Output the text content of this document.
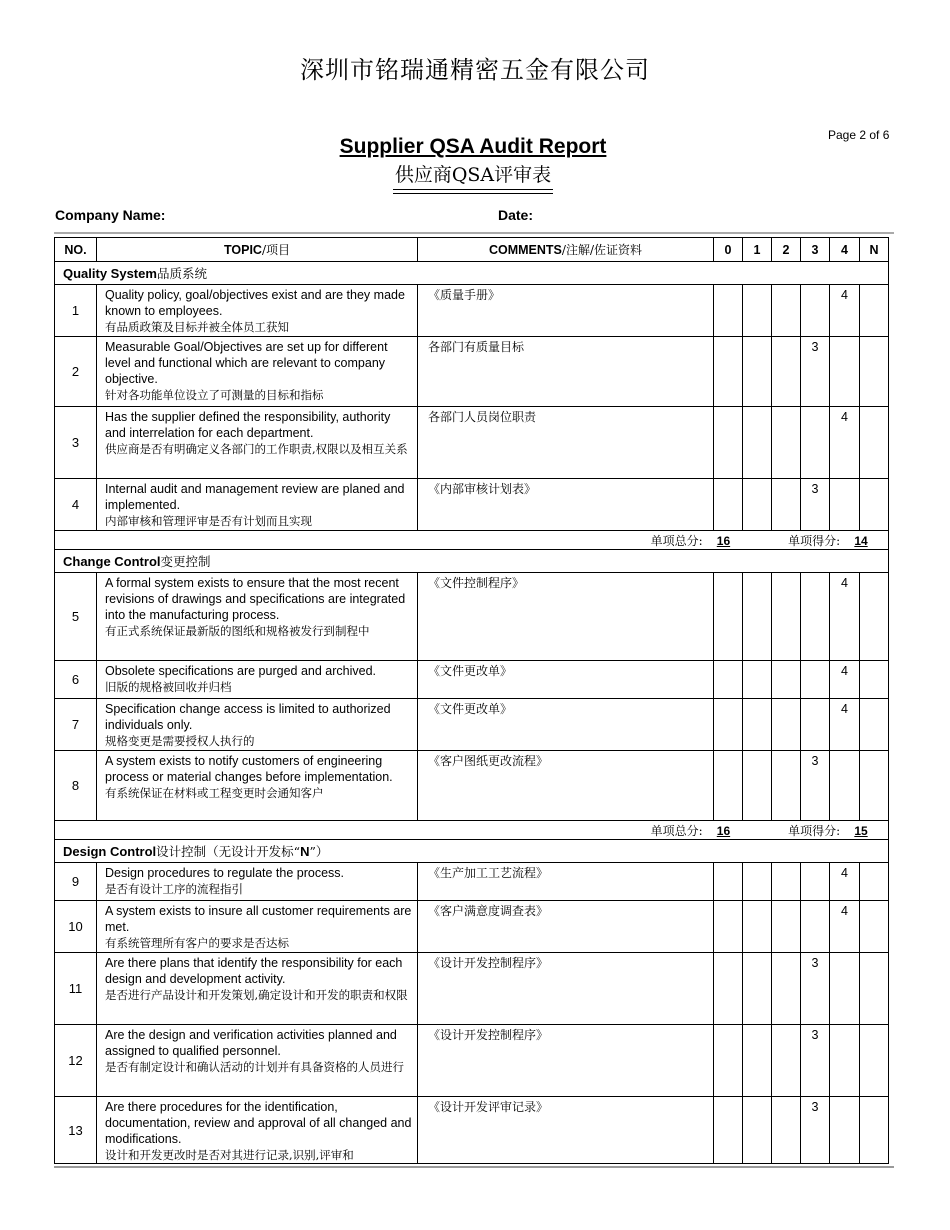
深圳市铭瑞通精密五金有限公司
Page 2 of 6
Supplier QSA Audit Report
供应商QSA评审表
Company Name:	Date:
NO.	TOPIC/项目	COMMENTS/注解/佐证资料	0	1	2	3	4	N
Quality System品质系统								
1	Quality policy, goal/objectives exist and are they made known to employees.
有品质政策及目标并被全体员工获知	《质量手册》					4	
2	Measurable Goal/Objectives are set up for different level and functional which are relevant to company objective.
针对各功能单位设立了可测量的目标和指标	各部门有质量目标				3		
3	Has the supplier defined the responsibility, authority and interrelation for each department.
供应商是否有明确定义各部门的工作职责,权限以及相互关系	各部门人员岗位职责					4	
4	Internal audit and management review are planed and implemented.
内部审核和管理评审是否有计划而且实现	《内部审核计划表》				3		
单项总分: 16 单项得分: 14								
Change Control变更控制								
5	A formal system exists to ensure that the most recent revisions of drawings and specifications are integrated into the manufacturing process.
有正式系统保证最新版的图纸和规格被发行到制程中	《文件控制程序》					4	
6	Obsolete specifications are purged and archived.
旧版的规格被回收并归档	《文件更改单》					4	
7	Specification change access is limited to authorized individuals only.
规格变更是需要授权人执行的	《文件更改单》					4	
8	A system exists to notify customers of engineering process or material changes before implementation.
有系统保证在材料或工程变更时会通知客户	《客户图纸更改流程》				3		
单项总分: 16 单项得分: 15								
Design Control设计控制（无设计开发标“N”）								
9	Design procedures to regulate the process.
是否有设计工序的流程指引	《生产加工工艺流程》					4	
10	A system exists to insure all customer requirements are met.
有系统管理所有客户的要求是否达标	《客户满意度调查表》					4	
11	Are there plans that identify the responsibility for each design and development activity.
是否进行产品设计和开发策划,确定设计和开发的职责和权限	《设计开发控制程序》				3		
12	Are the design and verification activities planned and assigned to qualified personnel.
是否有制定设计和确认活动的计划并有具备资格的人员进行	《设计开发控制程序》				3		
13	Are there procedures for the identification, documentation, review and approval of all changed and modifications.
设计和开发更改时是否对其进行记录,识别,评审和	《设计开发评审记录》				3		
